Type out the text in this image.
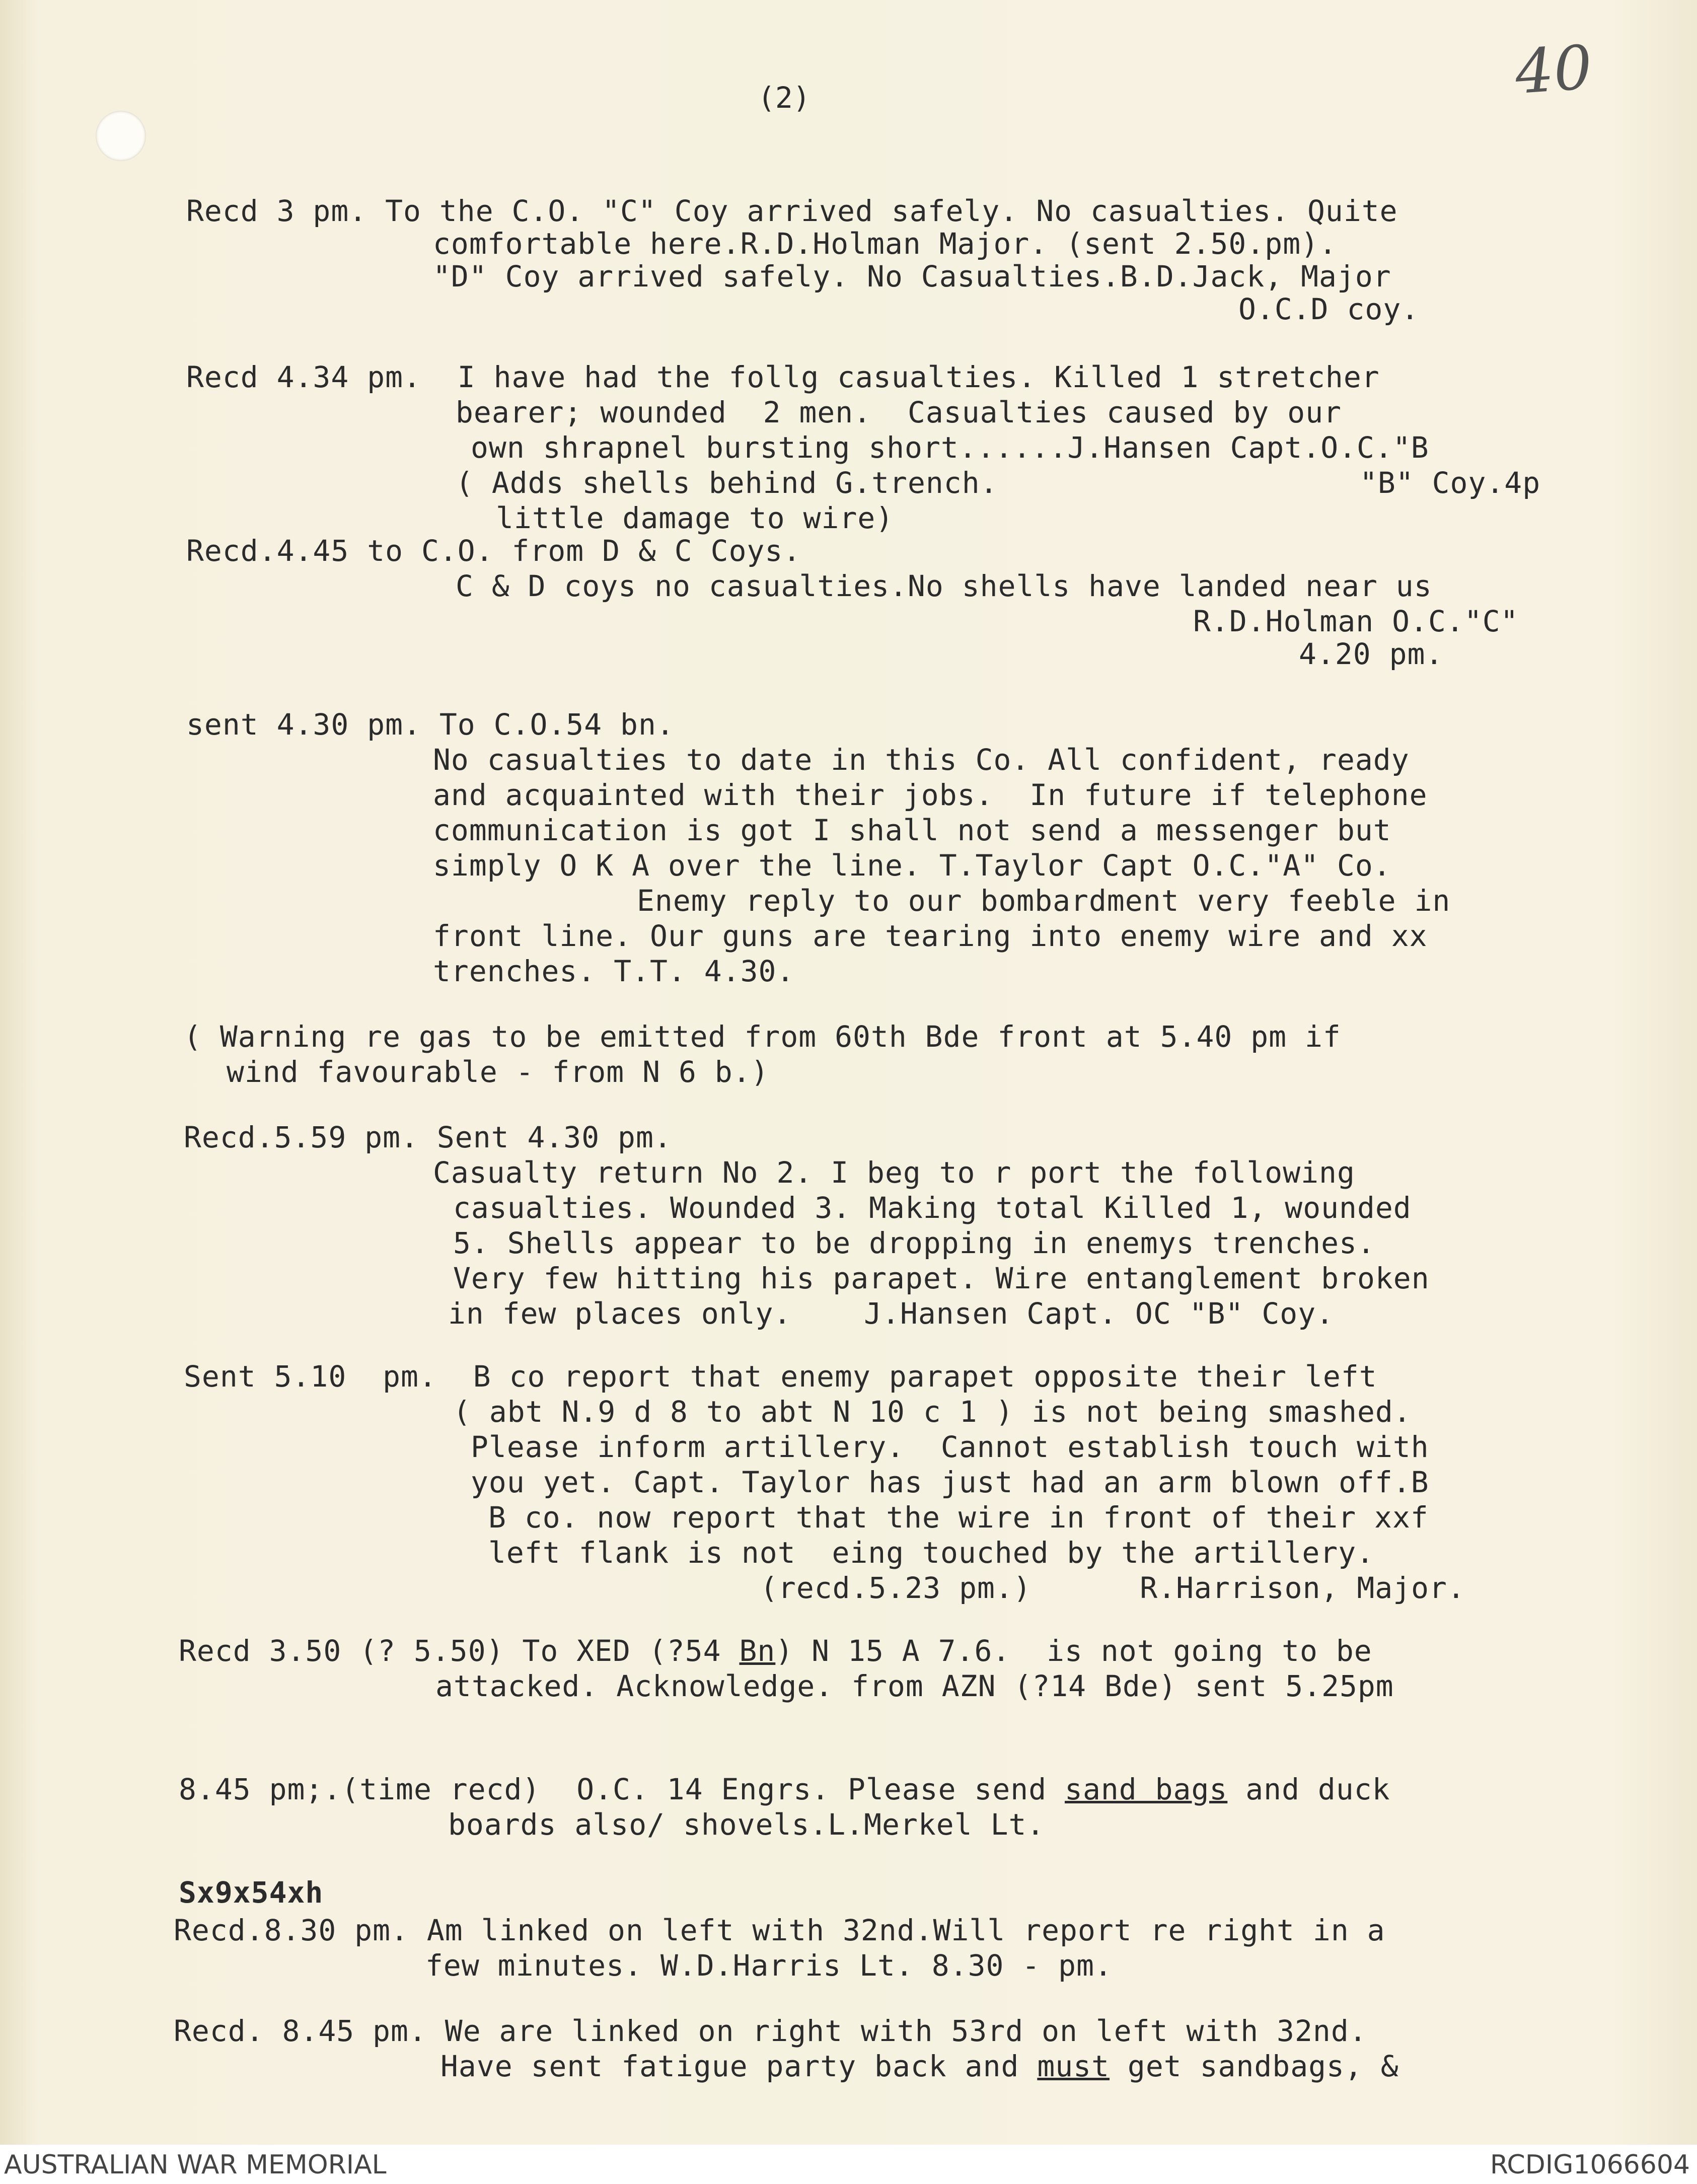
40
(2)
Recd 3 pm. To the C.O. "C" Coy arrived safely. No casualties. Quite
comfortable here.R.D.Holman Major. (sent 2.50.pm).
"D" Coy arrived safely. No Casualties.B.D.Jack, Major
O.C.D coy.
Recd 4.34 pm.  I have had the follg casualties. Killed 1 stretcher
bearer; wounded  2 men.  Casualties caused by our
own shrapnel bursting short......J.Hansen Capt.O.C."B
( Adds shells behind G.trench.                    "B" Coy.4p
little damage to wire)
Recd.4.45 to C.O. from D & C Coys.
C & D coys no casualties.No shells have landed near us
R.D.Holman O.C."C"
4.20 pm.
sent 4.30 pm. To C.O.54 bn.
No casualties to date in this Co. All confident, ready
and acquainted with their jobs.  In future if telephone
communication is got I shall not send a messenger but
simply O K A over the line. T.Taylor Capt O.C."A" Co.
Enemy reply to our bombardment very feeble in
front line. Our guns are tearing into enemy wire and xx
trenches. T.T. 4.30.
( Warning re gas to be emitted from 60th Bde front at 5.40 pm if
wind favourable - from N 6 b.)
Recd.5.59 pm. Sent 4.30 pm.
Casualty return No 2. I beg to r port the following
casualties. Wounded 3. Making total Killed 1, wounded
5. Shells appear to be dropping in enemys trenches.
Very few hitting his parapet. Wire entanglement broken
in few places only.    J.Hansen Capt. OC "B" Coy.
Sent 5.10  pm.  B co report that enemy parapet opposite their left
( abt N.9 d 8 to abt N 10 c 1 ) is not being smashed.
Please inform artillery.  Cannot establish touch with
you yet. Capt. Taylor has just had an arm blown off.B
B co. now report that the wire in front of their xxf
left flank is not  eing touched by the artillery.
(recd.5.23 pm.)      R.Harrison, Major.
Recd 3.50 (? 5.50) To XED (?54 Bn) N 15 A 7.6.  is not going to be
attacked. Acknowledge. from AZN (?14 Bde) sent 5.25pm
8.45 pm;.(time recd)  O.C. 14 Engrs. Please send sand bags and duck
boards also/ shovels.L.Merkel Lt.
Sx9x54xh
Recd.8.30 pm. Am linked on left with 32nd.Will report re right in a
few minutes. W.D.Harris Lt. 8.30 - pm.
Recd. 8.45 pm. We are linked on right with 53rd on left with 32nd.
Have sent fatigue party back and must get sandbags, &
AUSTRALIAN WAR MEMORIAL	RCDIG1066604
